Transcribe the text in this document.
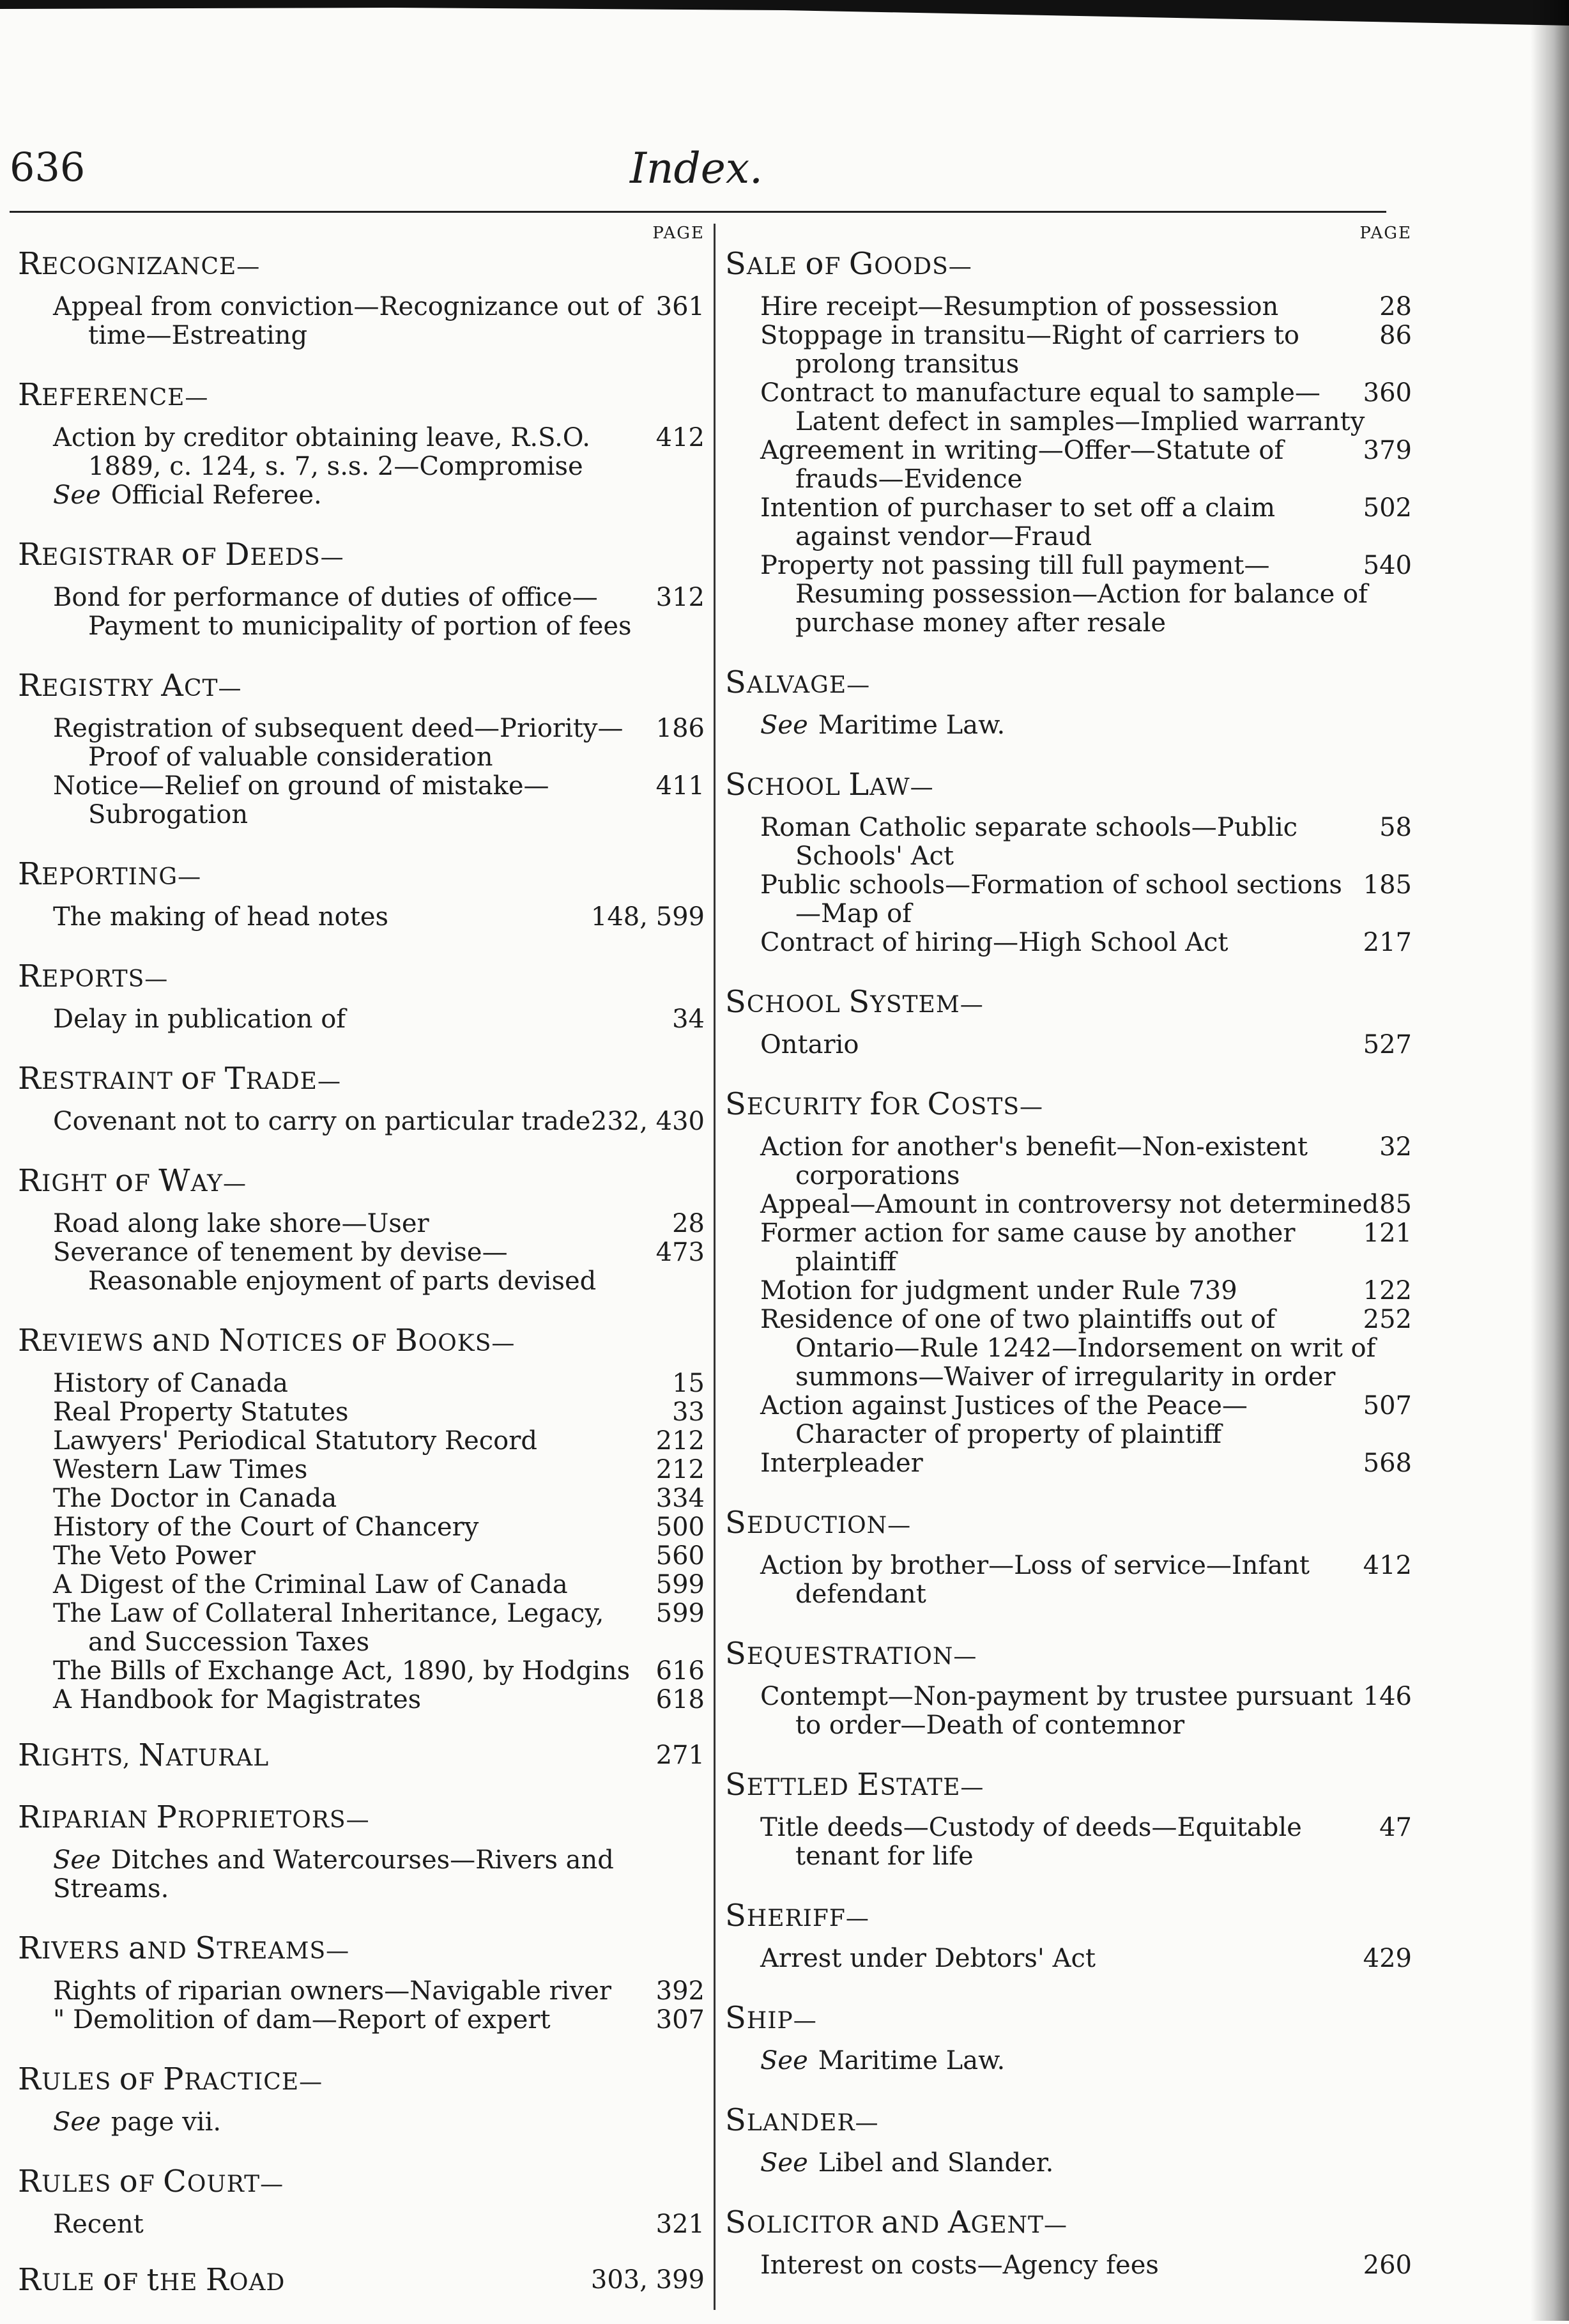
636	Index.
PAGE
RECOGNIZANCE—
361
Appeal from conviction—Recognizance out of time—Estreating
REFERENCE—
412
Action by creditor obtaining leave, R.S.O. 1889, c. 124, s. 7, s.s. 2—Compromise
See Official Referee.
REGISTRAR oF DEEDS—
312
Bond for performance of duties of office—Payment to municipality of portion of fees
REGISTRY ACT—
186
Registration of subsequent deed—Priority—Proof of valuable consideration
411
Notice—Relief on ground of mistake—Subrogation
REPORTING—
148, 599
The making of head notes
REPORTS—
34
Delay in publication of
RESTRAINT oF TRADE—
232, 430
Covenant not to carry on particular trade
RIGHT oF WAY—
28
Road along lake shore—User
473
Severance of tenement by devise—Reasonable enjoyment of parts devised
REVIEWS aND NOTICES oF BOOKS—
15
History of Canada
33
Real Property Statutes
212
Lawyers' Periodical Statutory Record
212
Western Law Times
334
The Doctor in Canada
500
History of the Court of Chancery
560
The Veto Power
599
A Digest of the Criminal Law of Canada
599
The Law of Collateral Inheritance, Legacy, and Succession Taxes
616
The Bills of Exchange Act, 1890, by Hodgins
618
A Handbook for Magistrates
271
RIGHTS, NATURAL
RIPARIAN PROPRIETORS—
See Ditches and Watercourses—Rivers and Streams.
RIVERS aND STREAMS—
392
Rights of riparian owners—Navigable river
307
" Demolition of dam—Report of expert
RULES oF PRACTICE—
See page vii.
RULES oF COURT—
321
Recent
303, 399
RULE oF tHE ROAD
PAGE
SALE oF GOODS—
28
Hire receipt—Resumption of possession
86
Stoppage in transitu—Right of carriers to prolong transitus
360
Contract to manufacture equal to sample—Latent defect in samples—Implied warranty
379
Agreement in writing—Offer—Statute of frauds—Evidence
502
Intention of purchaser to set off a claim against vendor—Fraud
540
Property not passing till full payment—Resuming possession—Action for balance of purchase money after resale
SALVAGE—
See Maritime Law.
SCHOOL LAW—
58
Roman Catholic separate schools—Public Schools' Act
185
Public schools—Formation of school sections—Map of
217
Contract of hiring—High School Act
SCHOOL SYSTEM—
527
Ontario
SECURITY fOR COSTS—
32
Action for another's benefit—Non-existent corporations
85
Appeal—Amount in controversy not determined
121
Former action for same cause by another plaintiff
122
Motion for judgment under Rule 739
252
Residence of one of two plaintiffs out of Ontario—Rule 1242—Indorsement on writ of summons—Waiver of irregularity in order
507
Action against Justices of the Peace—Character of property of plaintiff
568
Interpleader
SEDUCTION—
412
Action by brother—Loss of service—Infant defendant
SEQUESTRATION—
146
Contempt—Non-payment by trustee pursuant to order—Death of contemnor
SETTLED ESTATE—
47
Title deeds—Custody of deeds—Equitable tenant for life
SHERIFF—
429
Arrest under Debtors' Act
SHIP—
See Maritime Law.
SLANDER—
See Libel and Slander.
SOLICITOR aND AGENT—
260
Interest on costs—Agency fees
